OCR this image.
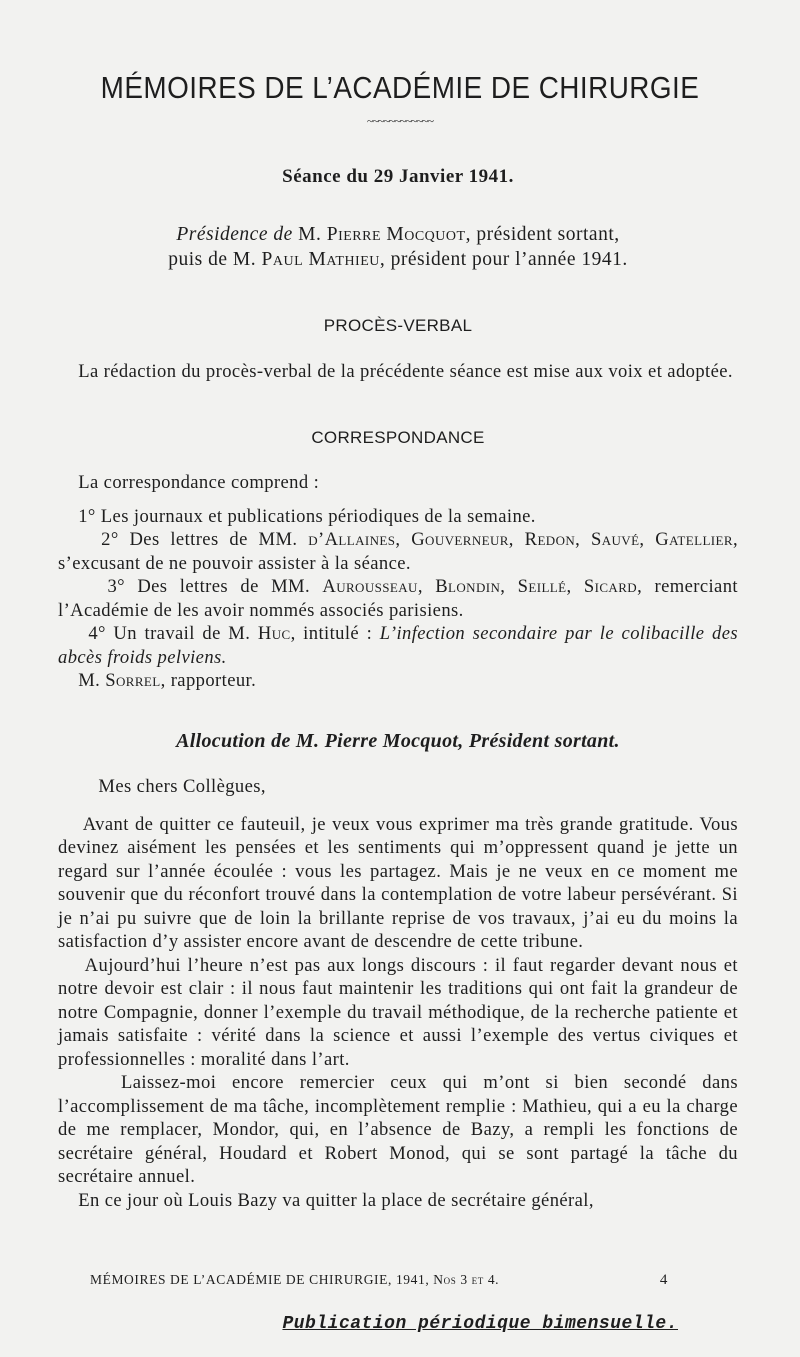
MÉMOIRES DE L’ACADÉMIE DE CHIRURGIE
~~~~~~~~~~~~
Séance du 29 Janvier 1941.
Présidence de M. Pierre Mocquot, président sortant,
puis de M. Paul Mathieu, président pour l’année 1941.
PROCÈS-VERBAL

La rédaction du procès-verbal de la précédente séance est mise aux voix et adoptée.

CORRESPONDANCE

La correspondance comprend :

1° Les journaux et publications périodiques de la semaine.

2° Des lettres de MM. d’Allaines, Gouverneur, Redon, Sauvé, Gatellier, s’excusant de ne pouvoir assister à la séance.

3° Des lettres de MM. Aurousseau, Blondin, Seillé, Sicard, remerciant l’Académie de les avoir nommés associés parisiens.

4° Un travail de M. Huc, intitulé : L’infection secondaire par le colibacille des abcès froids pelviens.

M. Sorrel, rapporteur.

Allocution de M. Pierre Mocquot, Président sortant.

Mes chers Collègues,

Avant de quitter ce fauteuil, je veux vous exprimer ma très grande gratitude. Vous devinez aisément les pensées et les sentiments qui m’oppressent quand je jette un regard sur l’année écoulée : vous les partagez. Mais je ne veux en ce moment me souvenir que du réconfort trouvé dans la contemplation de votre labeur persévérant. Si je n’ai pu suivre que de loin la brillante reprise de vos travaux, j’ai eu du moins la satisfaction d’y assister encore avant de descendre de cette tribune.

Aujourd’hui l’heure n’est pas aux longs discours : il faut regarder devant nous et notre devoir est clair : il nous faut maintenir les traditions qui ont fait la grandeur de notre Compagnie, donner l’exemple du travail méthodique, de la recherche patiente et jamais satisfaite : vérité dans la science et aussi l’exemple des vertus civiques et professionnelles : moralité dans l’art.

Laissez-moi encore remercier ceux qui m’ont si bien secondé dans l’accomplissement de ma tâche, incomplètement remplie : Mathieu, qui a eu la charge de me remplacer, Mondor, qui, en l’absence de Bazy, a rempli les fonctions de secrétaire général, Houdard et Robert Monod, qui se sont partagé la tâche du secrétaire annuel.

En ce jour où Louis Bazy va quitter la place de secrétaire général,

MÉMOIRES DE L’ACADÉMIE DE CHIRURGIE, 1941, Nos 3 et 4.	4
Publication périodique bimensuelle.
